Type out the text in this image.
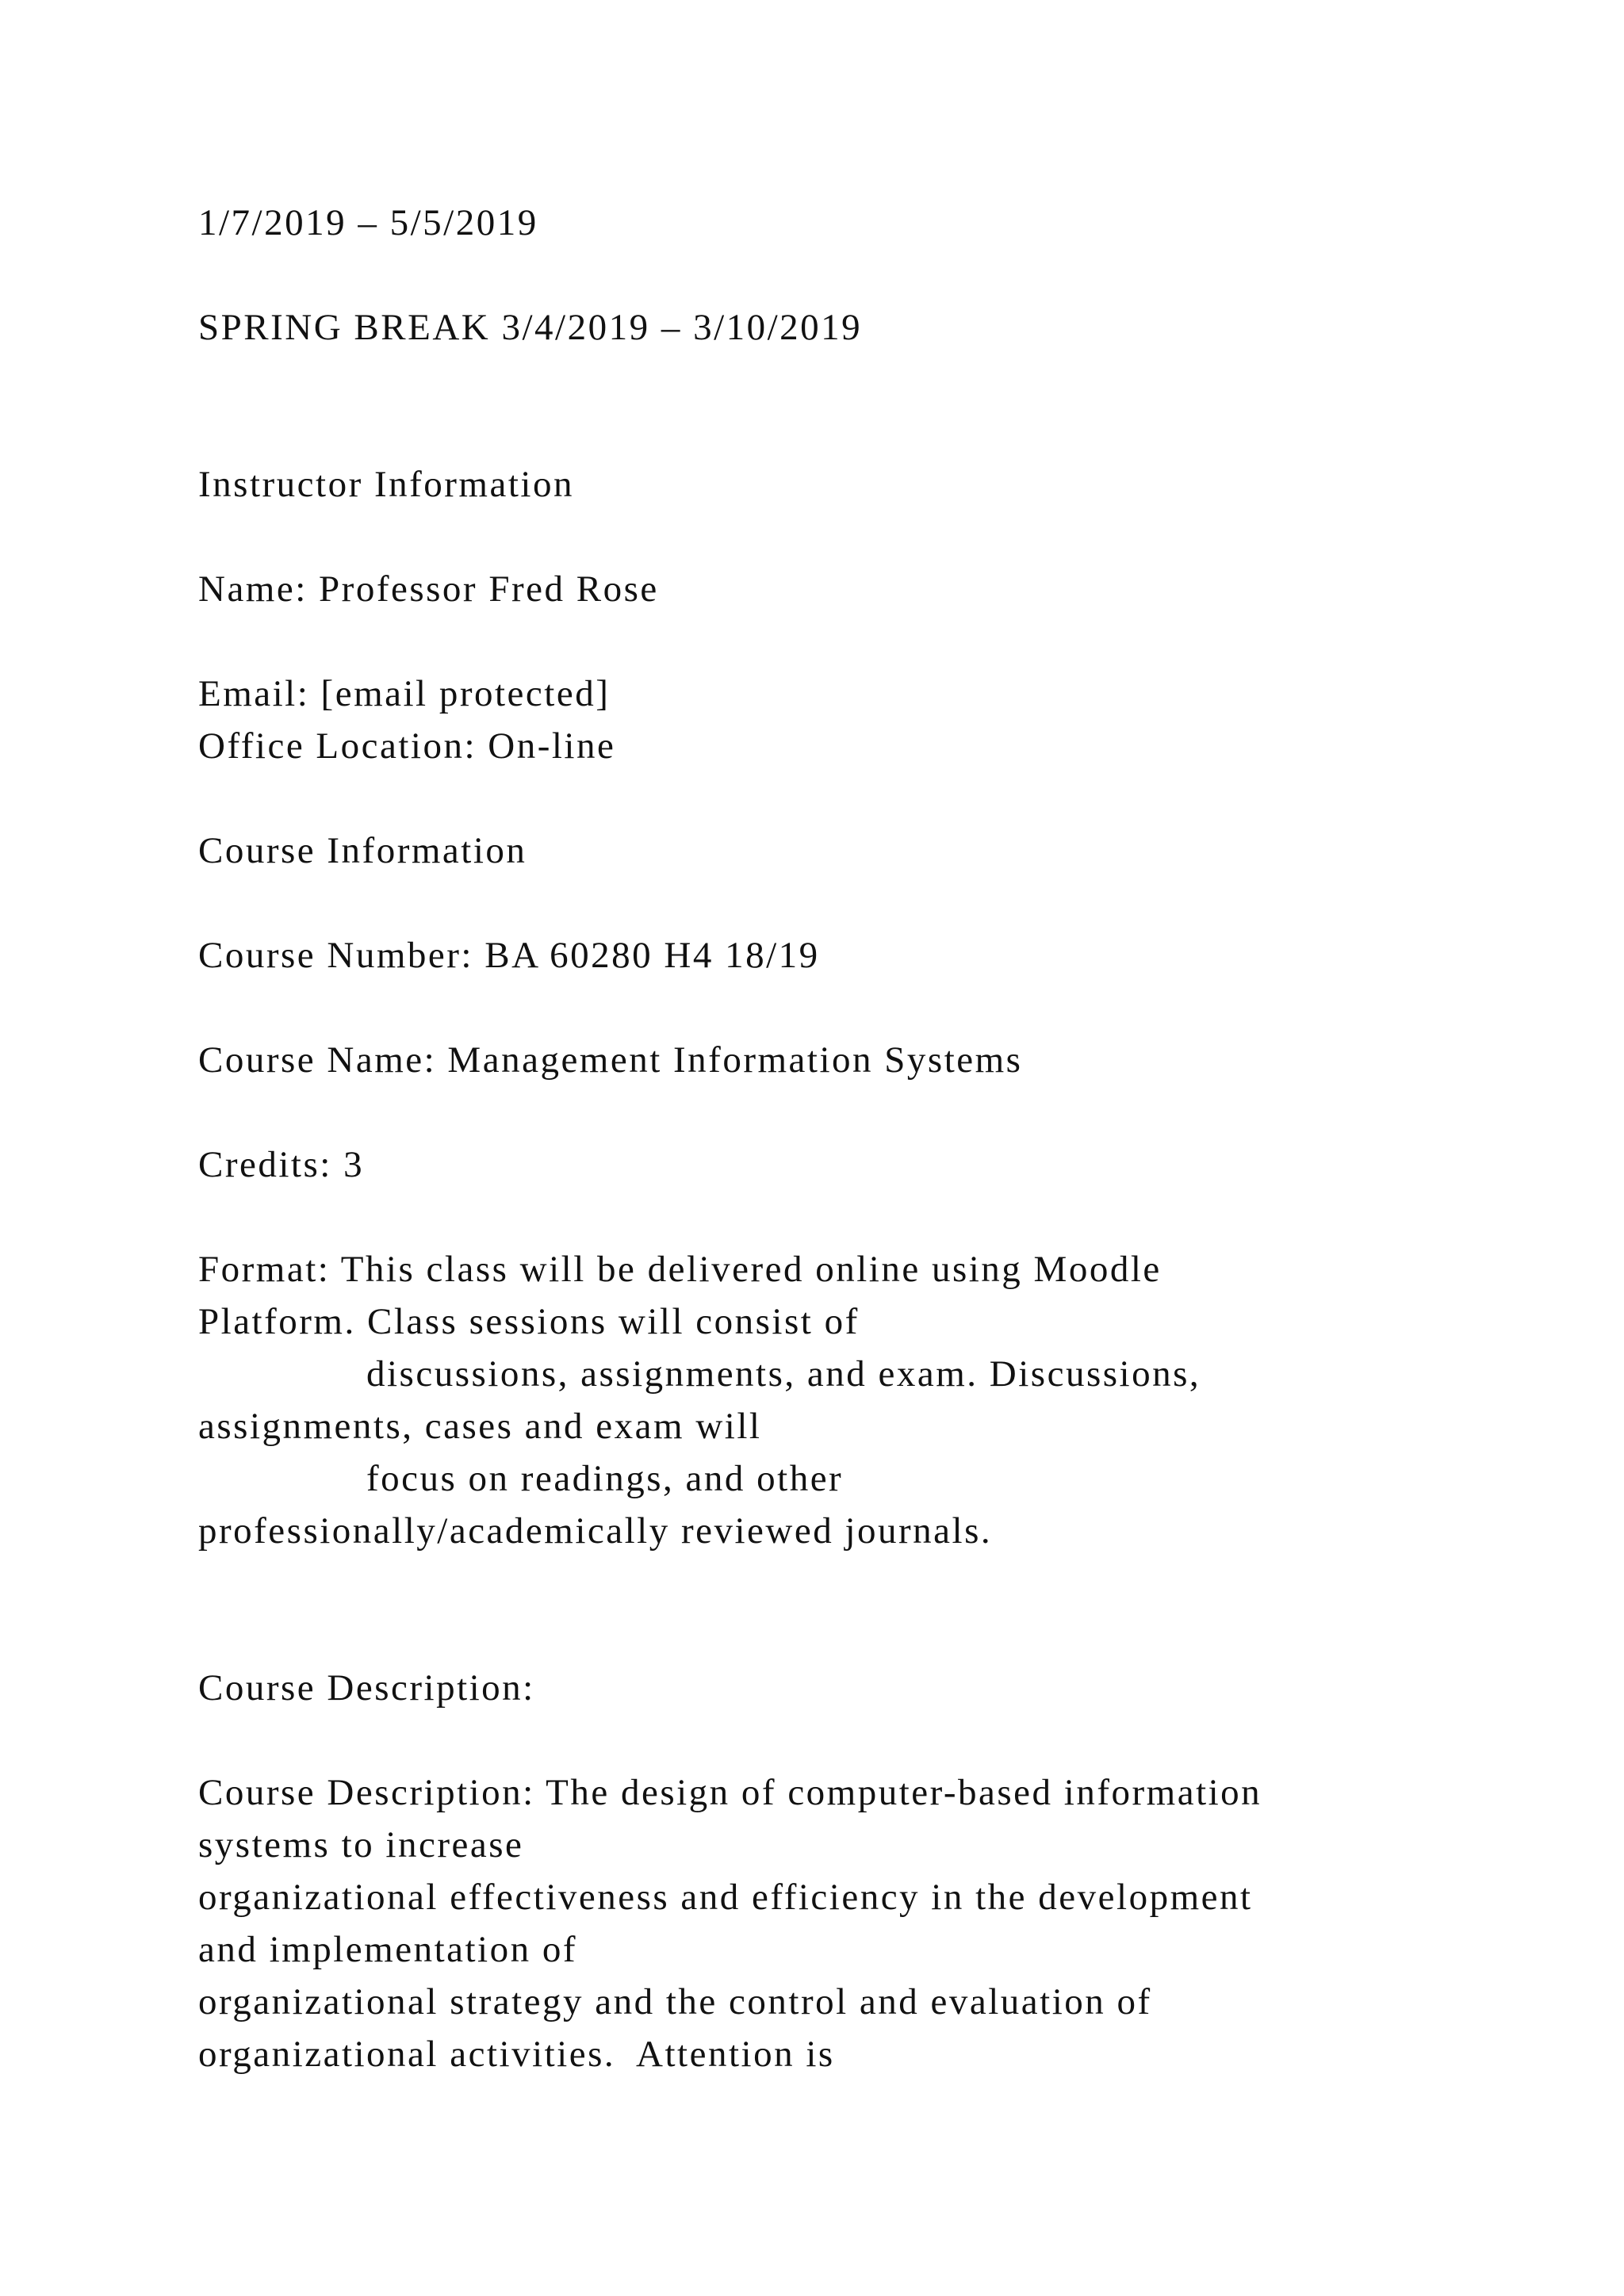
1/7/2019 – 5/5/2019

SPRING BREAK 3/4/2019 – 3/10/2019

Instructor Information

Name: Professor Fred Rose

Email: [email protected]

Office Location: On-line

Course Information

Course Number: BA 60280 H4 18/19

Course Name: Management Information Systems

Credits: 3

Format: This class will be delivered online using Moodle

Platform. Class sessions will consist of

discussions, assignments, and exam. Discussions,

assignments, cases and exam will

focus on readings, and other

professionally/academically reviewed journals.

Course Description:

Course Description: The design of computer-based information

systems to increase

organizational effectiveness and efficiency in the development

and implementation of

organizational strategy and the control and evaluation of

organizational activities.  Attention is
